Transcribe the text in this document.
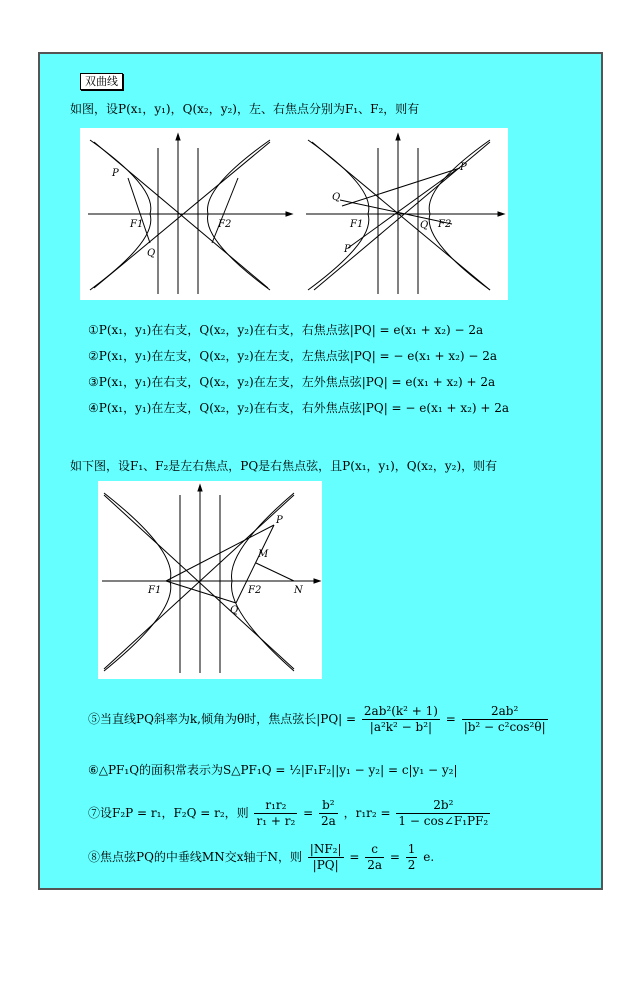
双曲线
如图，设P(x₁，y₁)，Q(x₂，y₂)，左、右焦点分别为F₁、F₂，则有
P
F1
Q
F2
Q
F1
P
P
Q F2
①P(x₁，y₁)在右支，Q(x₂，y₂)在右支，右焦点弦|PQ| = e(x₁ + x₂) − 2a
②P(x₁，y₁)在左支，Q(x₂，y₂)在左支，左焦点弦|PQ| = − e(x₁ + x₂) − 2a
③P(x₁，y₁)在右支，Q(x₂，y₂)在左支，左外焦点弦|PQ| = e(x₁ + x₂) + 2a
④P(x₁，y₁)在左支，Q(x₂，y₂)在右支，右外焦点弦|PQ| = − e(x₁ + x₂) + 2a
如下图，设F₁、F₂是左右焦点，PQ是右焦点弦，且P(x₁，y₁)，Q(x₂，y₂)，则有
P
M
F1	F2
Q
N
⑤当直线PQ斜率为k,倾角为θ时，焦点弦长$|PQ| = \frac{\text{2ab²(k² + 1)}}{\text{|a²k² − b²|}} = \frac{\text{2ab²}}{\text{|b² − c²cos²θ|}}$
⑥△PF₁Q的面积常表示为S△PF₁Q = ½|F₁F₂||y₁ − y₂| = c|y₁ − y₂|
⑦设F₂P = r₁，F₂Q = r₂，则 $\frac{\text{r₁r₂}}{\text{r₁ + r₂}} = \frac{\text{b²}}{2a}$ ，$r_1r_2 = \frac{\text{2b²}}{\text{1 − cos∠F₁PF₂}}$
⑧焦点弦PQ的中垂线MN交x轴于N，则 $\frac{\text{|NF₂|}}{|PQ|} = \frac{c}{2a} = \frac{1}{2} e$.
